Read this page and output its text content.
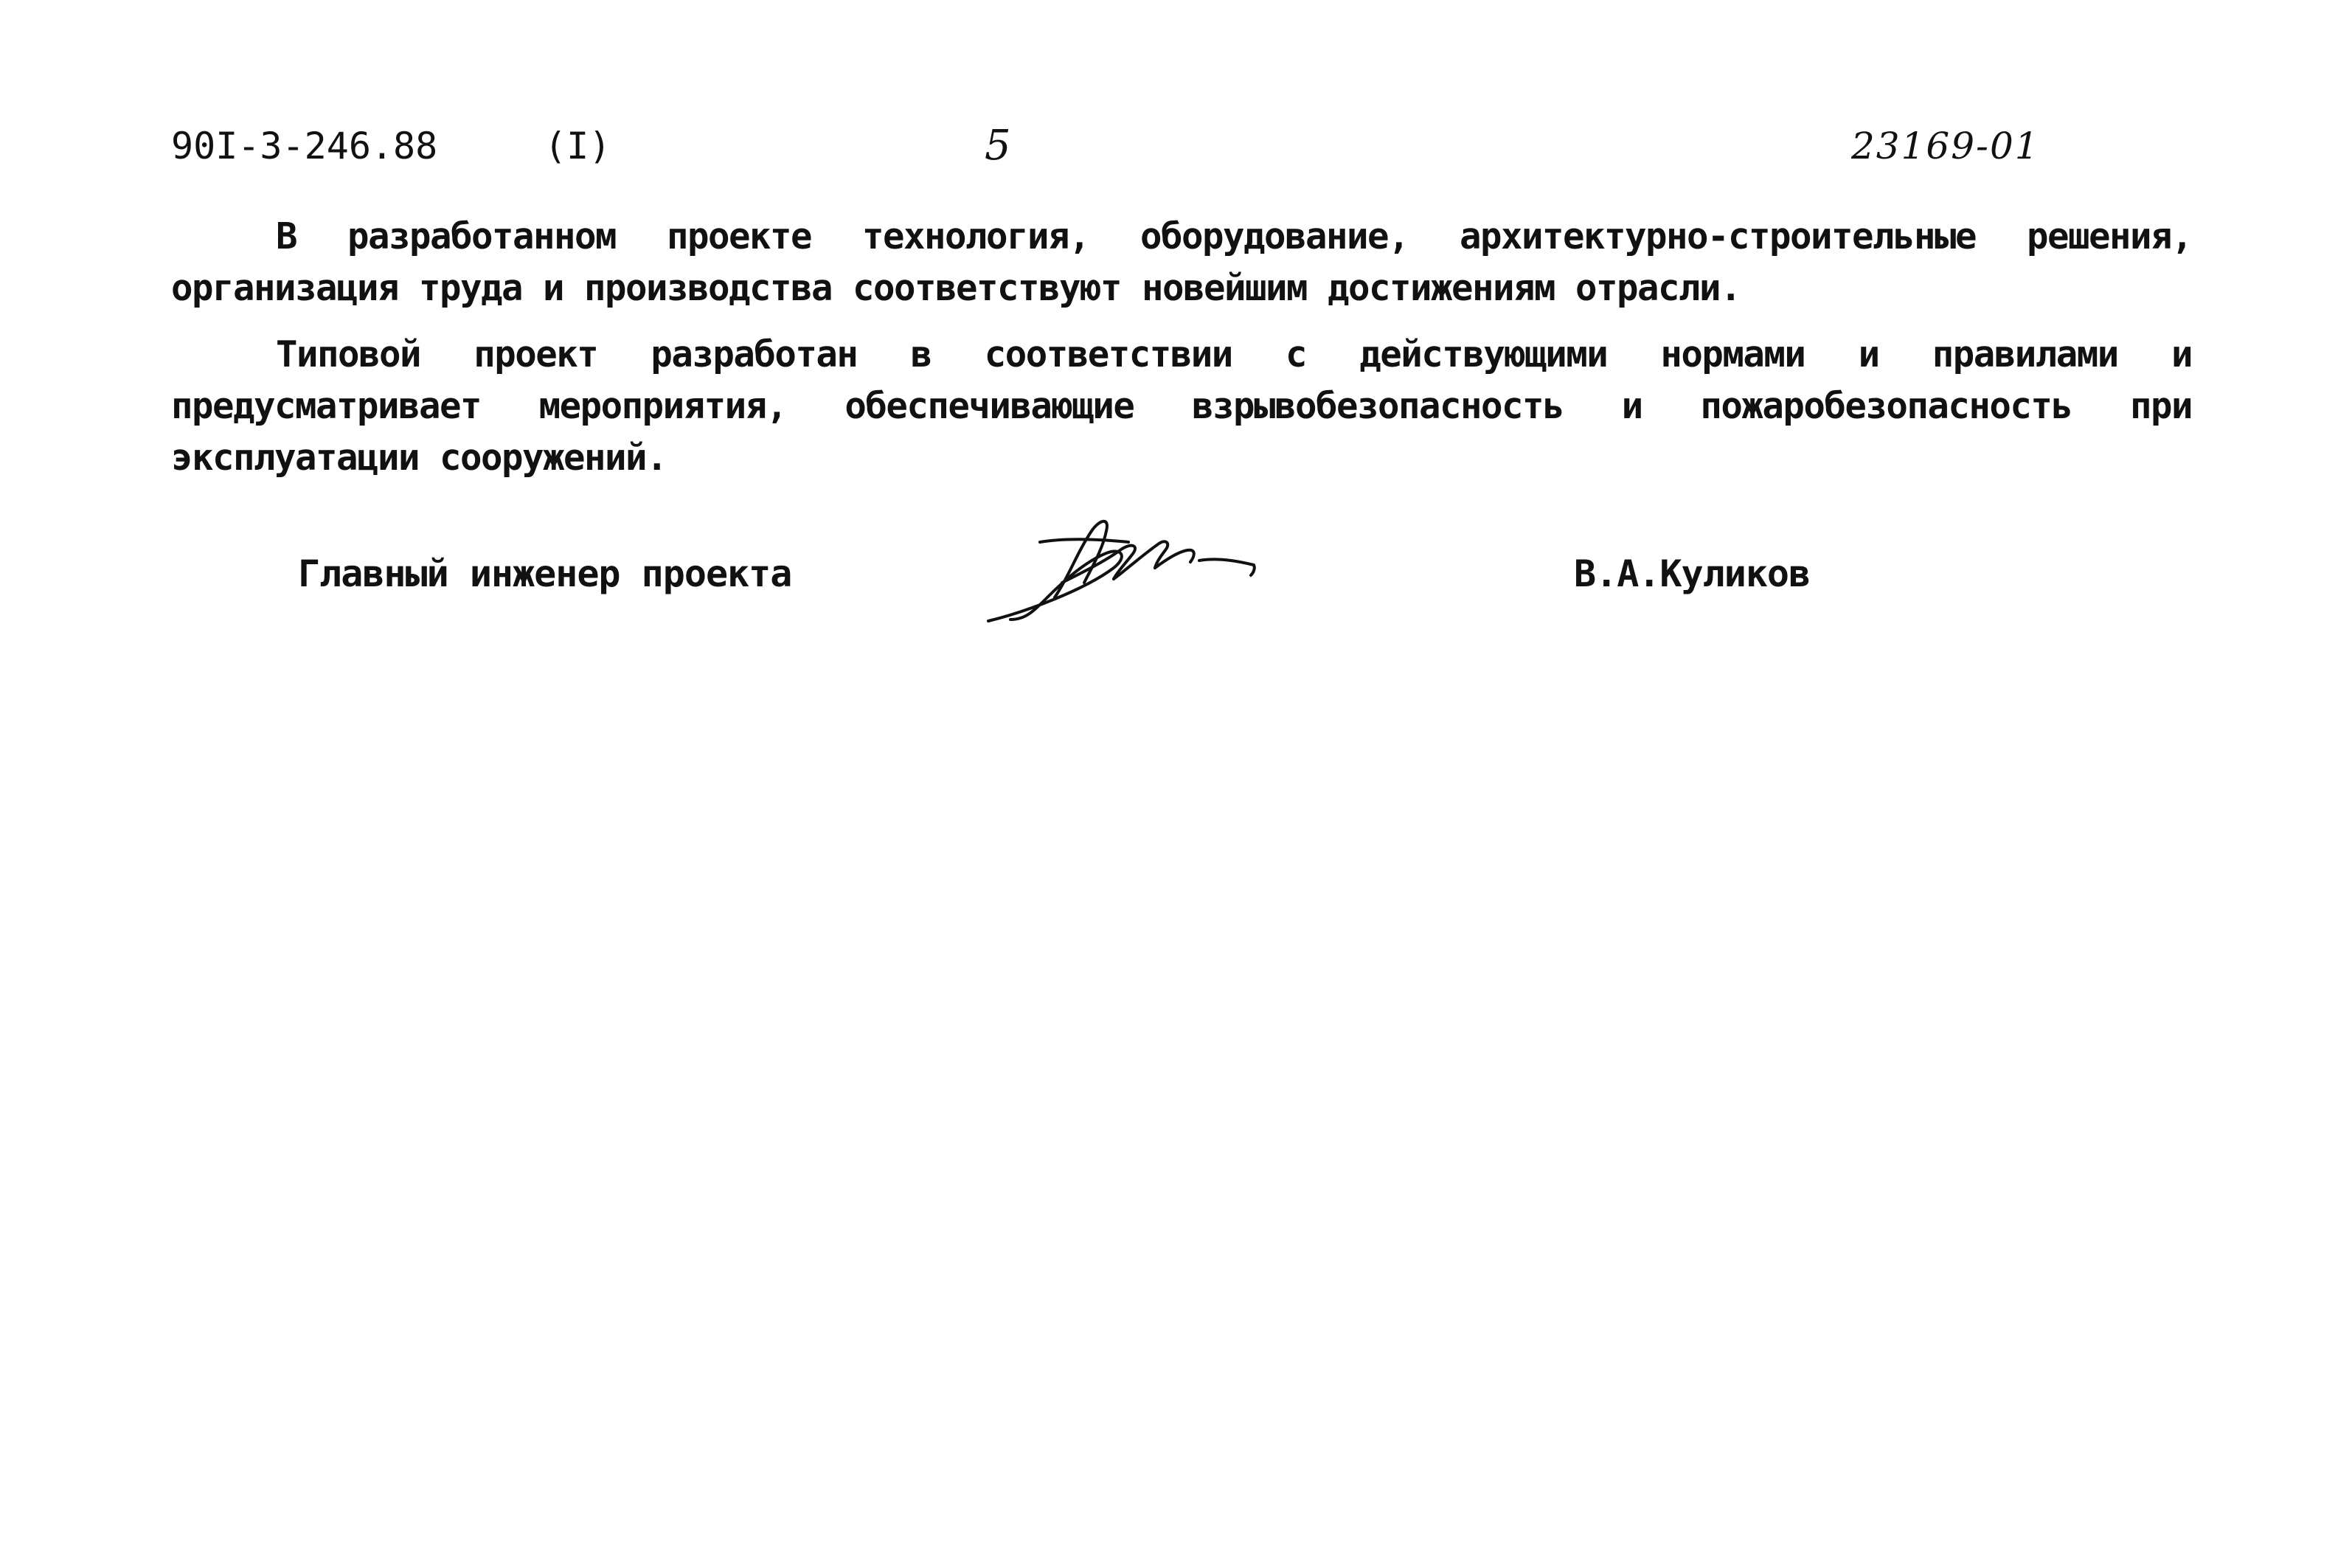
90I-3-246.88	(I)	5	23169-01

В разработанном проекте технология, оборудование, архитектурно-строительные решения, организация труда и производства соответствуют новейшим достижениям отрасли.

Типовой проект разработан в соответствии с действующими нормами и правилами и предусматривает мероприятия, обеспечивающие взрывобезопасность и пожаробезопасность при эксплуатации сооружений.

Главный инженер проекта	В.А.Куликов
